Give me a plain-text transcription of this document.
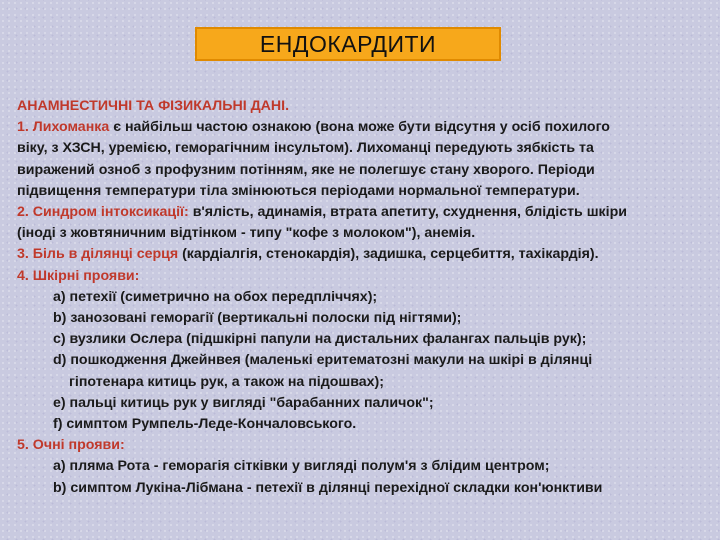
ЕНДОКАРДИТИ

АНАМНЕСТИЧНІ ТА ФІЗИКАЛЬНІ ДАНІ.

1. Лихоманка є найбільш частою ознакою (вона може бути відсутня у осіб похилого

віку, з ХЗСН, уремією, геморагічним інсультом). Лихоманці передують зябкість та

виражений озноб з профузним потінням, яке не полегшує стану хворого. Періоди

підвищення температури тіла змінюються періодами нормальної температури.

2. Синдром інтоксикації: в'ялість, адинамія, втрата апетиту, схуднення, блідість шкіри

(іноді з жовтяничним відтінком - типу "кофе з молоком"), анемія.

3. Біль в ділянці серця (кардіалгія, стенокардія), задишка, серцебиття, тахікардія).

4. Шкірні прояви:

a) петехії (симетричнo на обох передпліччях);

b) занозовані геморагії (вертикальні полоски під нігтями);

c) вузлики Ослера (підшкірні папули на дистальних фалангах пальців рук);

d) пошкодження Джейнвея (маленькі еритематозні макули на шкірі в ділянці

гіпотенара китиць рук, а також на підошвах);

e) пальці китиць рук у вигляді "барабанних паличок";

f) симптом Румпель-Леде-Кончаловського.

5. Очні прояви:

a) пляма Рота - геморагія сітківки у вигляді полум'я з блідим центром;

b) симптом Лукіна-Лібмана - петехії в ділянці перехідної складки кон'юнктиви
